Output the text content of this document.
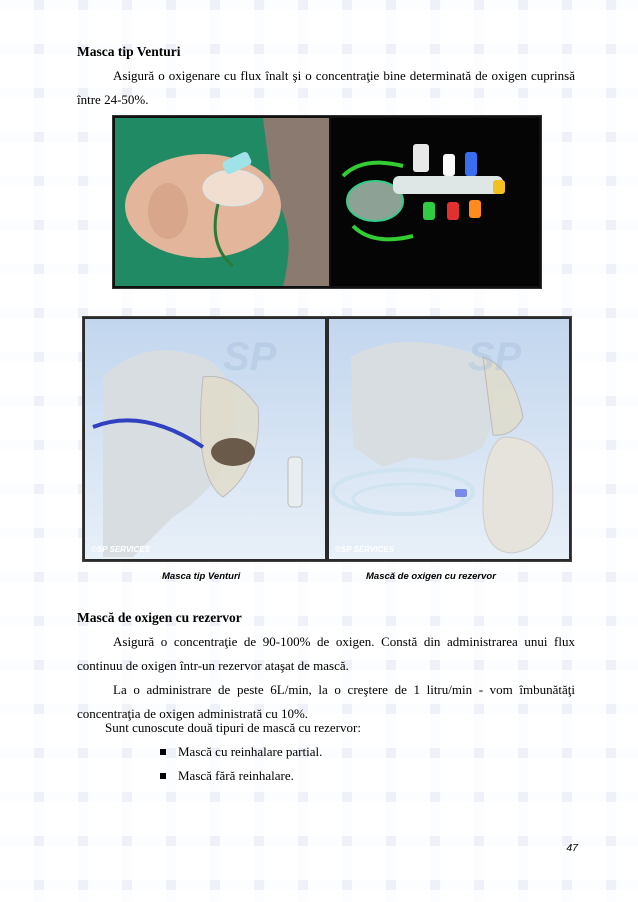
Masca tip Venturi

Asigură o oxigenare cu flux înalt şi o concentraţie bine determinată de oxigen cuprinsă între 24-50%.

SP	SP
©SP SERVICES	©SP SERVICES
Masca tip Venturi	Mască de oxigen cu rezervor
Mască de oxigen cu rezervor

Asigură o concentraţie de 90-100% de oxigen. Constă din administrarea unui flux continuu de oxigen într-un rezervor ataşat de mască.

La o administrare de peste 6L/min, la o creştere de 1 litru/min - vom îmbunătăţi concentraţia de oxigen administrată cu 10%.

Sunt cunoscute două tipuri de mască cu rezervor:

Mască cu reinhalare partial.
Mască fără reinhalare.
47
